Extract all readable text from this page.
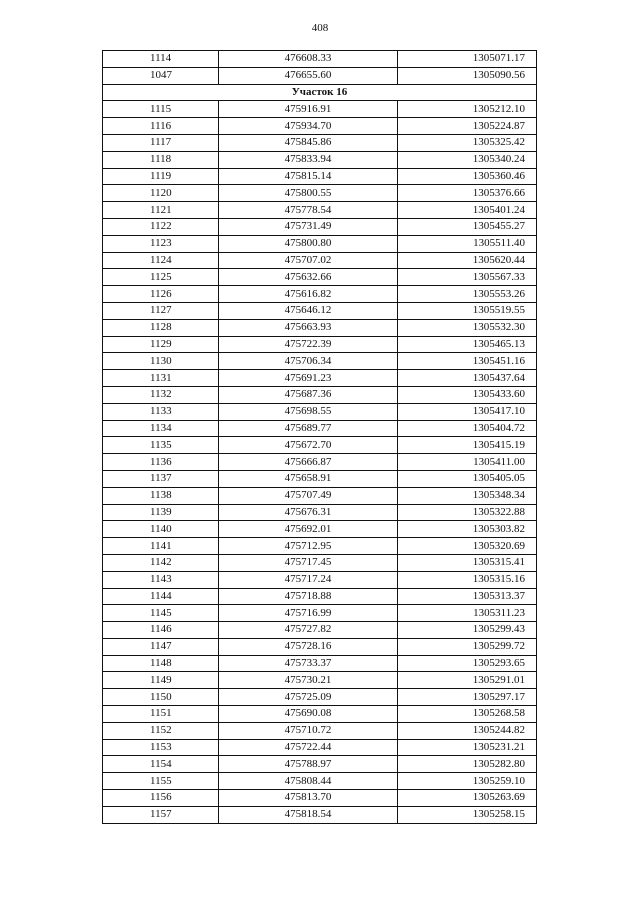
408
1114	476608.33	1305071.17
1047	476655.60	1305090.56
Участок 16		
1115	475916.91	1305212.10
1116	475934.70	1305224.87
1117	475845.86	1305325.42
1118	475833.94	1305340.24
1119	475815.14	1305360.46
1120	475800.55	1305376.66
1121	475778.54	1305401.24
1122	475731.49	1305455.27
1123	475800.80	1305511.40
1124	475707.02	1305620.44
1125	475632.66	1305567.33
1126	475616.82	1305553.26
1127	475646.12	1305519.55
1128	475663.93	1305532.30
1129	475722.39	1305465.13
1130	475706.34	1305451.16
1131	475691.23	1305437.64
1132	475687.36	1305433.60
1133	475698.55	1305417.10
1134	475689.77	1305404.72
1135	475672.70	1305415.19
1136	475666.87	1305411.00
1137	475658.91	1305405.05
1138	475707.49	1305348.34
1139	475676.31	1305322.88
1140	475692.01	1305303.82
1141	475712.95	1305320.69
1142	475717.45	1305315.41
1143	475717.24	1305315.16
1144	475718.88	1305313.37
1145	475716.99	1305311.23
1146	475727.82	1305299.43
1147	475728.16	1305299.72
1148	475733.37	1305293.65
1149	475730.21	1305291.01
1150	475725.09	1305297.17
1151	475690.08	1305268.58
1152	475710.72	1305244.82
1153	475722.44	1305231.21
1154	475788.97	1305282.80
1155	475808.44	1305259.10
1156	475813.70	1305263.69
1157	475818.54	1305258.15
